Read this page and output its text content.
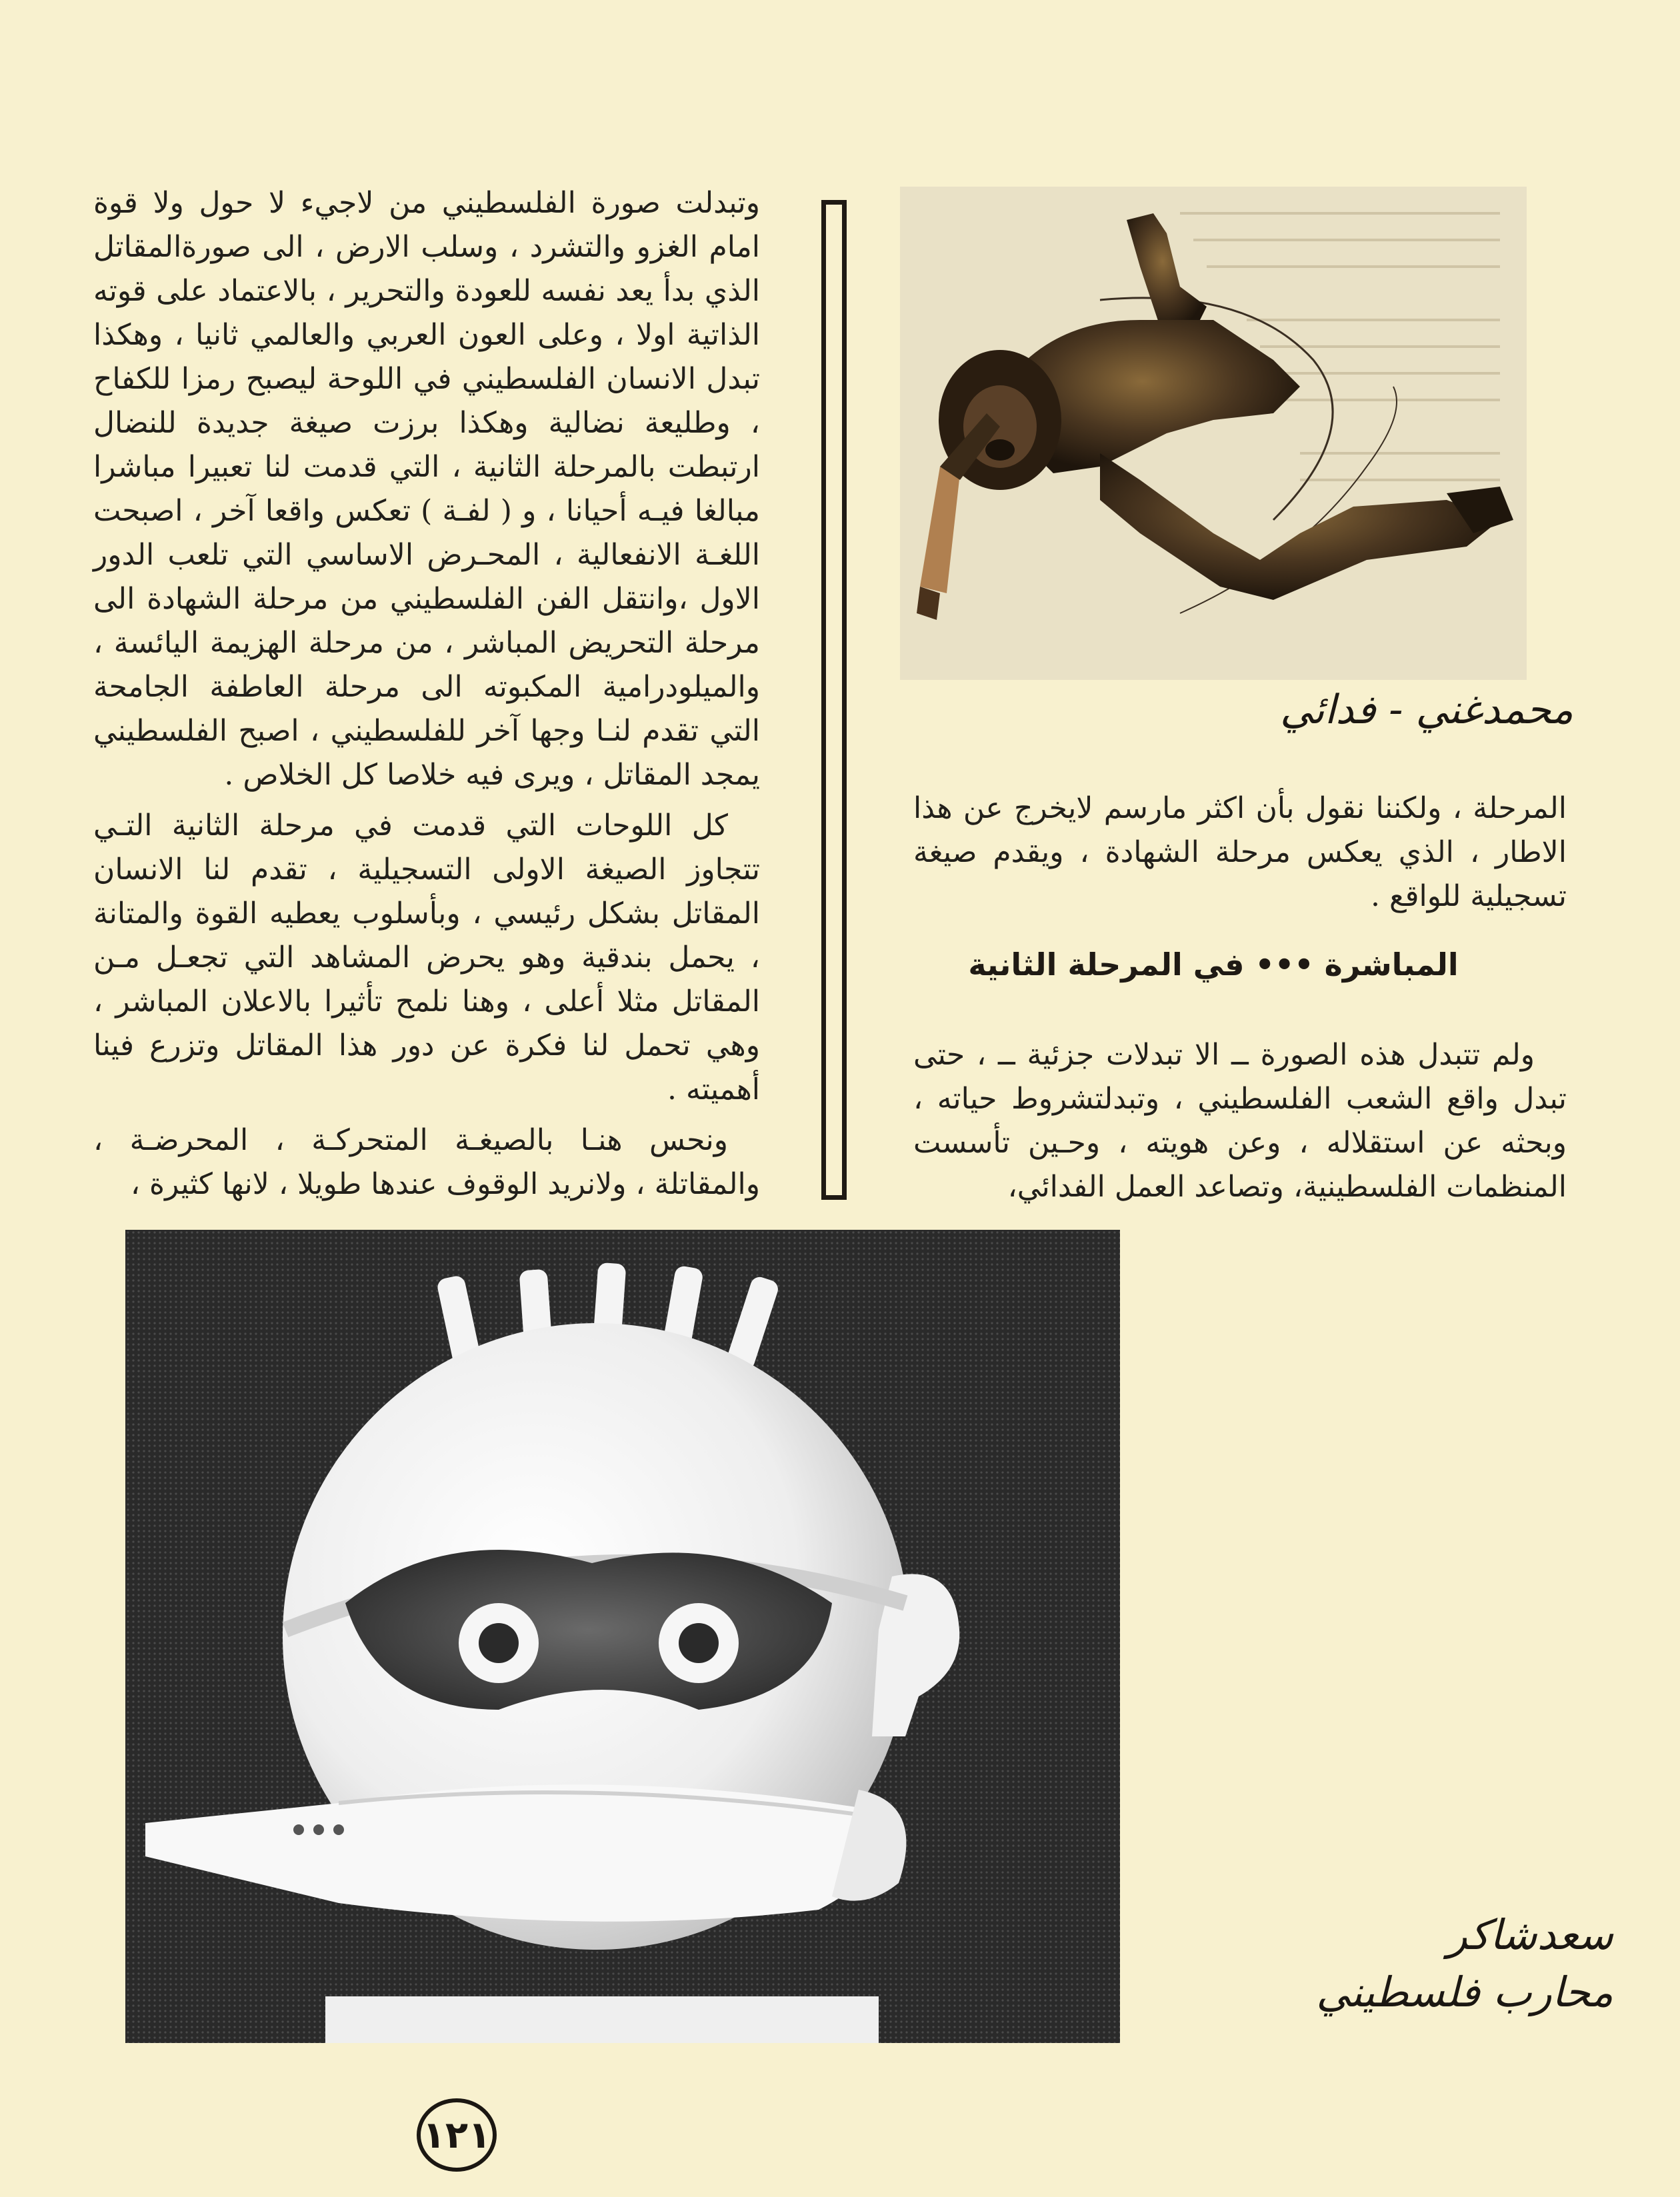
وتبدلت صورة الفلسطيني من لاجيء لا حول ولا قوة امام الغزو والتشرد ، وسلب الارض ، الى صورةالمقاتل الذي بدأ يعد نفسه للعودة والتحرير ، بالاعتماد على قوته الذاتية اولا ، وعلى العون العربي والعالمي ثانيا ، وهكذا تبدل الانسان الفلسطيني في اللوحة ليصبح رمزا للكفاح ، وطليعة نضالية وهكذا برزت صيغة جديدة للنضال ارتبطت بالمرحلة الثانية ، التي قدمت لنا تعبيرا مباشرا مبالغا فيـه أحيانا ، و ( لفـة ) تعكس واقعا آخر ، اصبحت اللغـة الانفعالية ، المحـرض الاساسي التي تلعب الدور الاول ،وانتقل الفن الفلسطيني من مرحلة الشهادة الى مرحلة التحريض المباشر ، من مرحلة الهزيمة اليائسة ، والميلودرامية المكبوته الى مرحلة العاطفة الجامحة التي تقدم لنـا وجها آخر للفلسطيني ، اصبح الفلسطيني يمجد المقاتل ، ويرى فيه خلاصا كل الخلاص .

كل اللوحات التي قدمت في مرحلة الثانية التـي تتجاوز الصيغة الاولى التسجيلية ، تقدم لنا الانسان المقاتل بشكل رئيسي ، وبأسلوب يعطيه القوة والمتانة ، يحمل بندقية وهو يحرض المشاهد التي تجعـل مـن المقاتل مثلا أعلى ، وهنا نلمح تأثيرا بالاعلان المباشر ، وهي تحمل لنا فكرة عن دور هذا المقاتل وتزرع فينا أهميته .

ونحس هنـا بالصيغـة المتحركـة ، المحرضـة ، والمقاتلة ، ولانريد الوقوف عندها طويلا ، لانها كثيرة ،

محمدغني - فدائي

المرحلة ، ولكننا نقول بأن اكثر مارسم لايخرج عن هذا الاطار ، الذي يعكس مرحلة الشهادة ، ويقدم صيغة تسجيلية للواقع .

المباشرة ••• في المرحلة الثانية

ولم تتبدل هذه الصورة ــ الا تبدلات جزئية ــ ، حتى تبدل واقع الشعب الفلسطيني ، وتبدلتشروط حياته ، وبحثه عن استقلاله ، وعن هويته ، وحـين تأسست المنظمات الفلسطينية، وتصاعد العمل الفدائي،

سعدشاكر
محارب فلسطيني
١٢١
